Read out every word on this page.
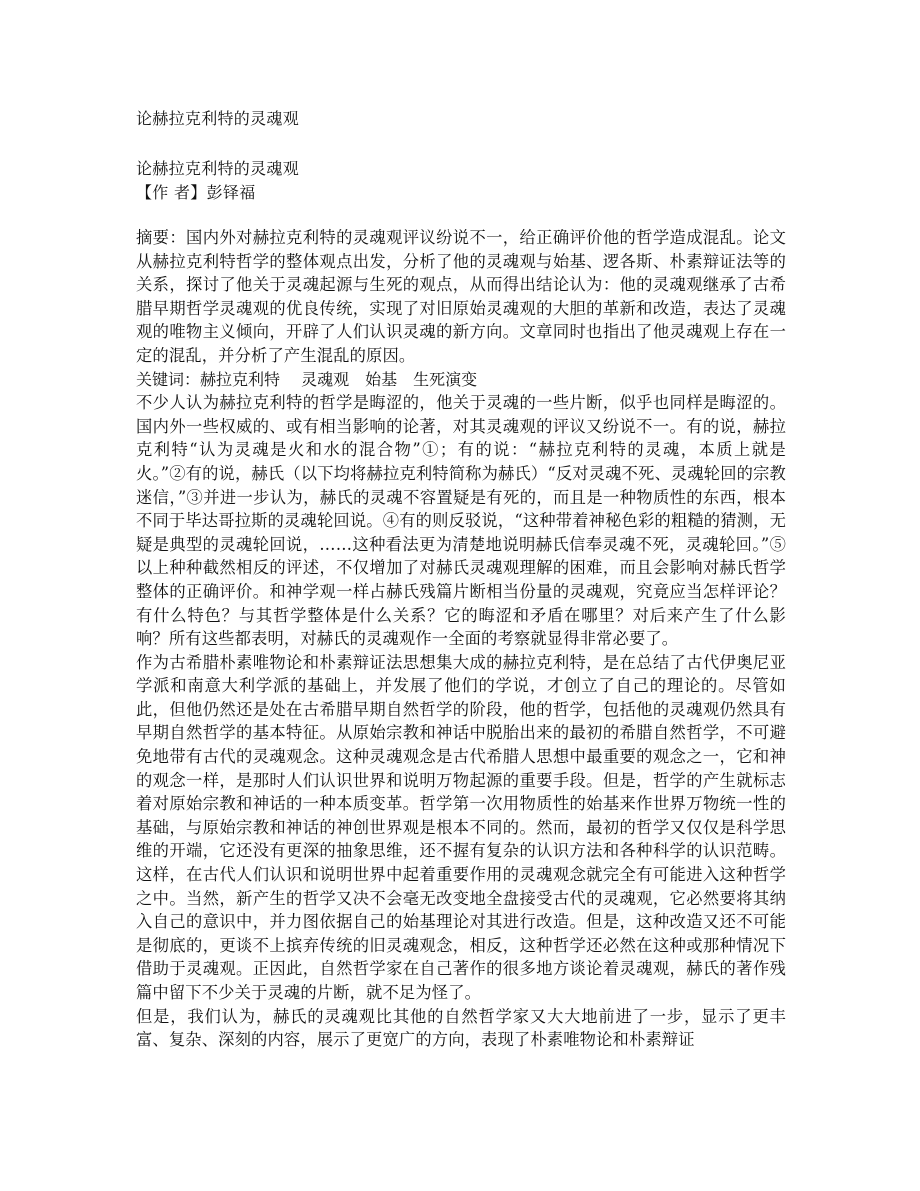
论赫拉克利特的灵魂观

论赫拉克利特的灵魂观

【作 者】彭铎福

摘要：国内外对赫拉克利特的灵魂观评议纷说不一，给正确评价他的哲学造成混乱。论文从赫拉克利特哲学的整体观点出发，分析了他的灵魂观与始基、逻各斯、朴素辩证法等的关系，探讨了他关于灵魂起源与生死的观点，从而得出结论认为：他的灵魂观继承了古希腊早期哲学灵魂观的优良传统，实现了对旧原始灵魂观的大胆的革新和改造，表达了灵魂观的唯物主义倾向，开辟了人们认识灵魂的新方向。文章同时也指出了他灵魂观上存在一定的混乱，并分析了产生混乱的原因。

关键词：赫拉克利特　 灵魂观　始基　生死演变

不少人认为赫拉克利特的哲学是晦涩的，他关于灵魂的一些片断，似乎也同样是晦涩的。国内外一些权威的、或有相当影响的论著，对其灵魂观的评议又纷说不一。有的说，赫拉克利特“认为灵魂是火和水的混合物”①；有的说：“赫拉克利特的灵魂，本质上就是火。”②有的说，赫氏（以下均将赫拉克利特简称为赫氏）“反对灵魂不死、灵魂轮回的宗教迷信，”③并进一步认为，赫氏的灵魂不容置疑是有死的，而且是一种物质性的东西，根本不同于毕达哥拉斯的灵魂轮回说。④有的则反驳说，“这种带着神秘色彩的粗糙的猜测，无疑是典型的灵魂轮回说，……这种看法更为清楚地说明赫氏信奉灵魂不死，灵魂轮回。”⑤以上种种截然相反的评述，不仅增加了对赫氏灵魂观理解的困难，而且会影响对赫氏哲学整体的正确评价。和神学观一样占赫氏残篇片断相当份量的灵魂观，究竟应当怎样评论？有什么特色？与其哲学整体是什么关系？它的晦涩和矛盾在哪里？对后来产生了什么影响？所有这些都表明，对赫氏的灵魂观作一全面的考察就显得非常必要了。

作为古希腊朴素唯物论和朴素辩证法思想集大成的赫拉克利特，是在总结了古代伊奥尼亚学派和南意大利学派的基础上，并发展了他们的学说，才创立了自己的理论的。尽管如此，但他仍然还是处在古希腊早期自然哲学的阶段，他的哲学，包括他的灵魂观仍然具有早期自然哲学的基本特征。从原始宗教和神话中脱胎出来的最初的希腊自然哲学，不可避免地带有古代的灵魂观念。这种灵魂观念是古代希腊人思想中最重要的观念之一，它和神的观念一样，是那时人们认识世界和说明万物起源的重要手段。但是，哲学的产生就标志着对原始宗教和神话的一种本质变革。哲学第一次用物质性的始基来作世界万物统一性的基础，与原始宗教和神话的神创世界观是根本不同的。然而，最初的哲学又仅仅是科学思维的开端，它还没有更深的抽象思维，还不握有复杂的认识方法和各种科学的认识范畴。这样，在古代人们认识和说明世界中起着重要作用的灵魂观念就完全有可能进入这种哲学之中。当然，新产生的哲学又决不会毫无改变地全盘接受古代的灵魂观，它必然要将其纳入自己的意识中，并力图依据自己的始基理论对其进行改造。但是，这种改造又还不可能是彻底的，更谈不上摈弃传统的旧灵魂观念，相反，这种哲学还必然在这种或那种情况下借助于灵魂观。正因此，自然哲学家在自己著作的很多地方谈论着灵魂观，赫氏的著作残篇中留下不少关于灵魂的片断，就不足为怪了。

但是，我们认为，赫氏的灵魂观比其他的自然哲学家又大大地前进了一步，显示了更丰富、复杂、深刻的内容，展示了更宽广的方向，表现了朴素唯物论和朴素辩证
